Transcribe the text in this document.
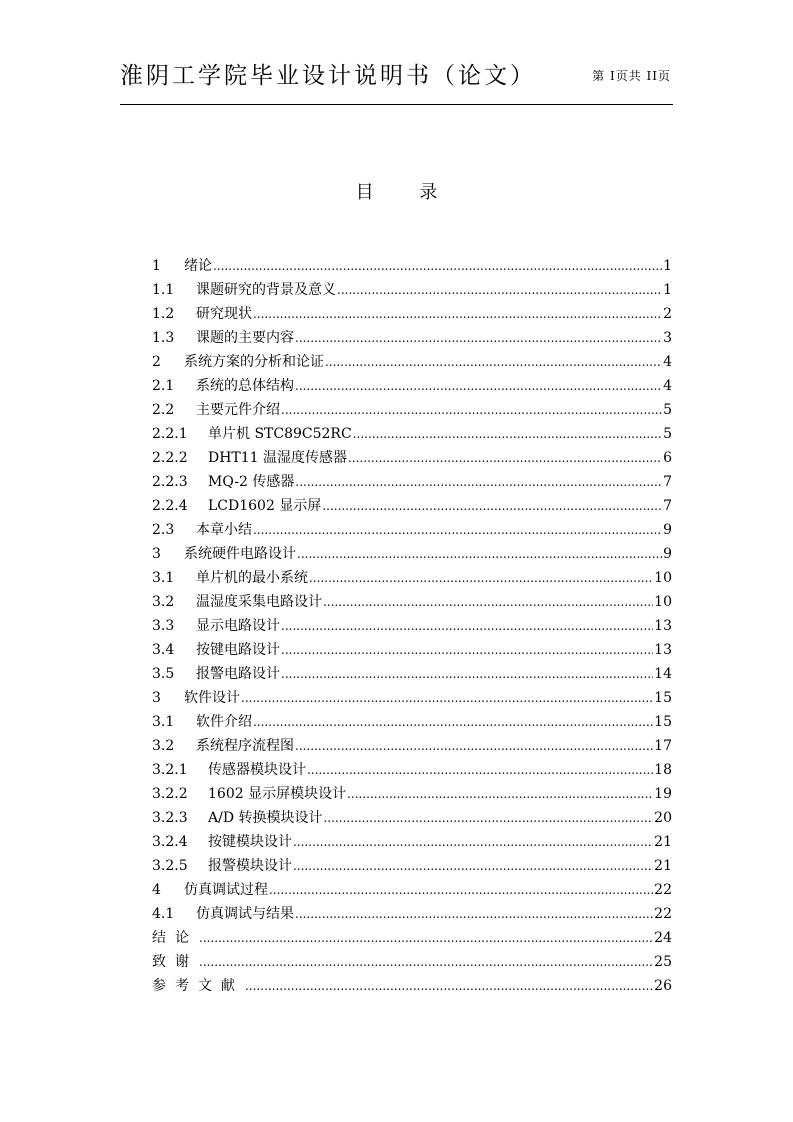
淮阴工学院毕业设计说明书（论文）	第 I页共 II页
目 录
1	绪论 .....	1
1.1	课题研究的背景及意义 .....	1
1.2	研究现状 .....	2
1.3	课题的主要内容 .....	3
2	系统方案的分析和论证 .....	4
2.1	系统的总体结构 .....	4
2.2	主要元件介绍 .....	5
2.2.1	单片机 STC89C52RC .....	5
2.2.2	DHT11 温湿度传感器 .....	6
2.2.3	MQ-2 传感器 .....	7
2.2.4	LCD1602 显示屏 .....	7
2.3	本章小结 .....	9
3	系统硬件电路设计 .....	9
3.1	单片机的最小系统 .....	10
3.2	温湿度采集电路设计 .....	10
3.3	显示电路设计 .....	13
3.4	按键电路设计 .....	13
3.5	报警电路设计 .....	14
3	软件设计 .....	15
3.1	软件介绍 .....	15
3.2	系统程序流程图 .....	17
3.2.1	传感器模块设计 .....	18
3.2.2	1602 显示屏模块设计 .....	19
3.2.3	A/D 转换模块设计 .....	20
3.2.4	按键模块设计 .....	21
3.2.5	报警模块设计 .....	21
4	仿真调试过程 .....	22
4.1	仿真调试与结果 .....	22
结论 .....	24
致谢 .....	25
参考文献 .....	26
